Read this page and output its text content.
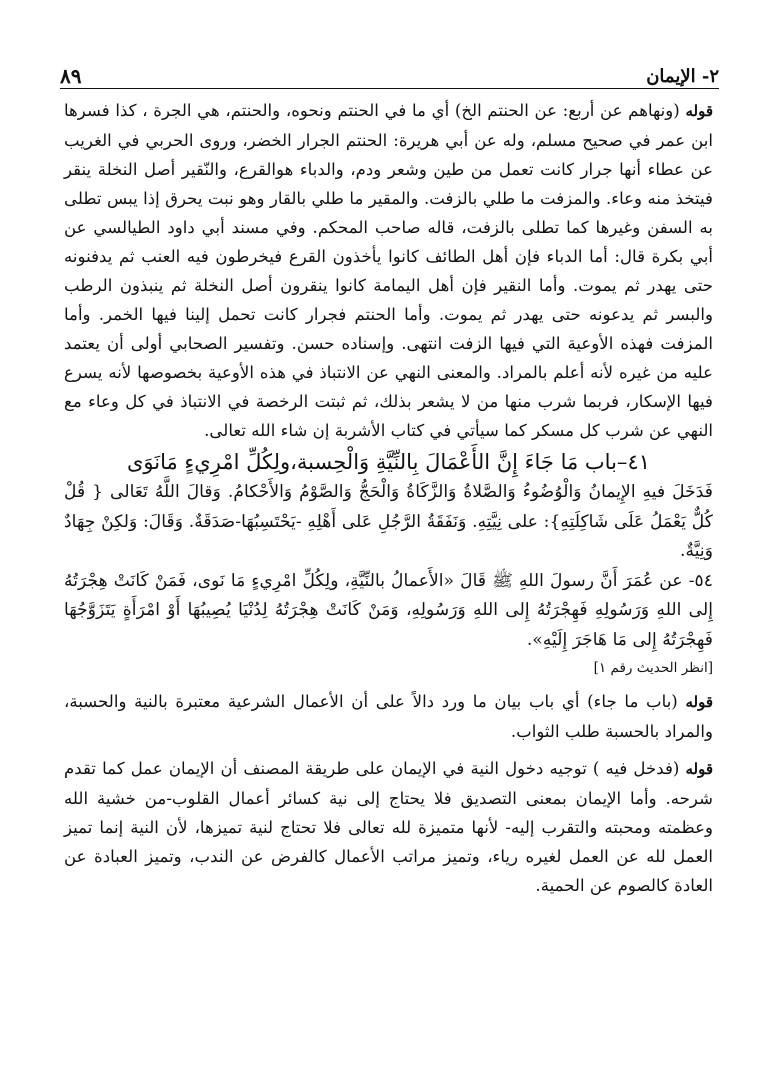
٨٩	٢- الإيمان

قوله (ونهاهم عن أربع: عن الحنتم الخ) أي ما في الحنتم ونحوه، والحنتم، هي الجرة ، كذا فسرها ابن عمر في صحيح مسلم، وله عن أبي هريرة: الحنتم الجرار الخضر، وروى الحربي في الغريب عن عطاء أنها جرار كانت تعمل من طين وشعر ودم، والدباء هوالقرع، والنّقير أصل النخلة ينقر فيتخذ منه وعاء. والمزفت ما طلي بالزفت. والمقير ما طلي بالقار وهو نبت يحرق إذا يبس تطلى به السفن وغيرها كما تطلى بالزفت، قاله صاحب المحكم. وفي مسند أبي داود الطيالسي عن أبي بكرة قال: أما الدباء فإن أهل الطائف كانوا يأخذون القرع فيخرطون فيه العنب ثم يدفنونه حتى يهدر ثم يموت. وأما النقير فإن أهل اليمامة كانوا ينقرون أصل النخلة ثم ينبذون الرطب والبسر ثم يدعونه حتى يهدر ثم يموت. وأما الحنتم فجرار كانت تحمل إلينا فيها الخمر. وأما المزفت فهذه الأوعية التي فيها الزفت انتهى. وإسناده حسن. وتفسير الصحابي أولى أن يعتمد عليه من غيره لأنه أعلم بالمراد. والمعنى النهي عن الانتباذ في هذه الأوعية بخصوصها لأنه يسرع فيها الإسكار، فربما شرب منها من لا يشعر بذلك، ثم ثبتت الرخصة في الانتباذ في كل وعاء مع النهي عن شرب كل مسكر كما سيأتي في كتاب الأشربة إن شاء الله تعالى.

٤١–باب مَا جَاءَ إِنَّ الأَعْمَالَ بِالنِّيَّةِ وَالْحِسبة،ولِكُلِّ امْرِيءٍ مَانَوَى

فَدَخَلَ فيهِ الإِيمانُ وَالْوُضُوءُ وَالصَّلاةُ وَالزَّكَاةُ وَالْحَجُّ وَالصَّوْمُ وَالأَحْكامُ. وَقالَ اللَّهُ تَعَالى { قُلْ كُلٌّ يَعْمَلُ عَلَى شَاكِلَتِهِ}: على نِيَّتِهِ. وَنَفَقَةُ الرَّجُلِ عَلى أَهْلِهِ -يَحْتَسِبُهَا-صَدَقَةٌ. وَقَالَ: وَلكِنْ جِهَادٌ وَنِيَّةٌ.

٥٤- عن عُمَرَ أَنَّ رسولَ اللهِ ﷺ قَالَ «الأَعمالُ بالنِّيَّةِ، ولِكُلِّ امْرِيءٍ مَا نَوى، فَمَنْ كَانَتْ هِجْرَتُهُ إِلى اللهِ وَرَسُولِهِ فَهِجْرَتُهُ إِلى اللهِ وَرَسُولِهِ، وَمَنْ كَانَتْ هِجْرَتُهُ لِدُنْيَا يُصِيبُهَا أَوْ امْرَأَةٍ يَتَزَوَّجُهَا فَهِجْرَتُهُ إِلى مَا هَاجَرَ إِلَيْهِ».

[انظر الحديث رقم ١]

قوله (باب ما جاء) أي باب بيان ما ورد دالاً على أن الأعمال الشرعية معتبرة بالنية والحسبة، والمراد بالحسبة طلب الثواب.

قوله (فدخل فيه ) توجيه دخول النية في الإيمان على طريقة المصنف أن الإيمان عمل كما تقدم شرحه. وأما الإيمان بمعنى التصديق فلا يحتاج إلى نية كسائر أعمال القلوب-من خشية الله وعظمته ومحبته والتقرب إليه- لأنها متميزة لله تعالى فلا تحتاج لنية تميزها، لأن النية إنما تميز العمل لله عن العمل لغيره رياء، وتميز مراتب الأعمال كالفرض عن الندب، وتميز العبادة عن العادة كالصوم عن الحمية.
